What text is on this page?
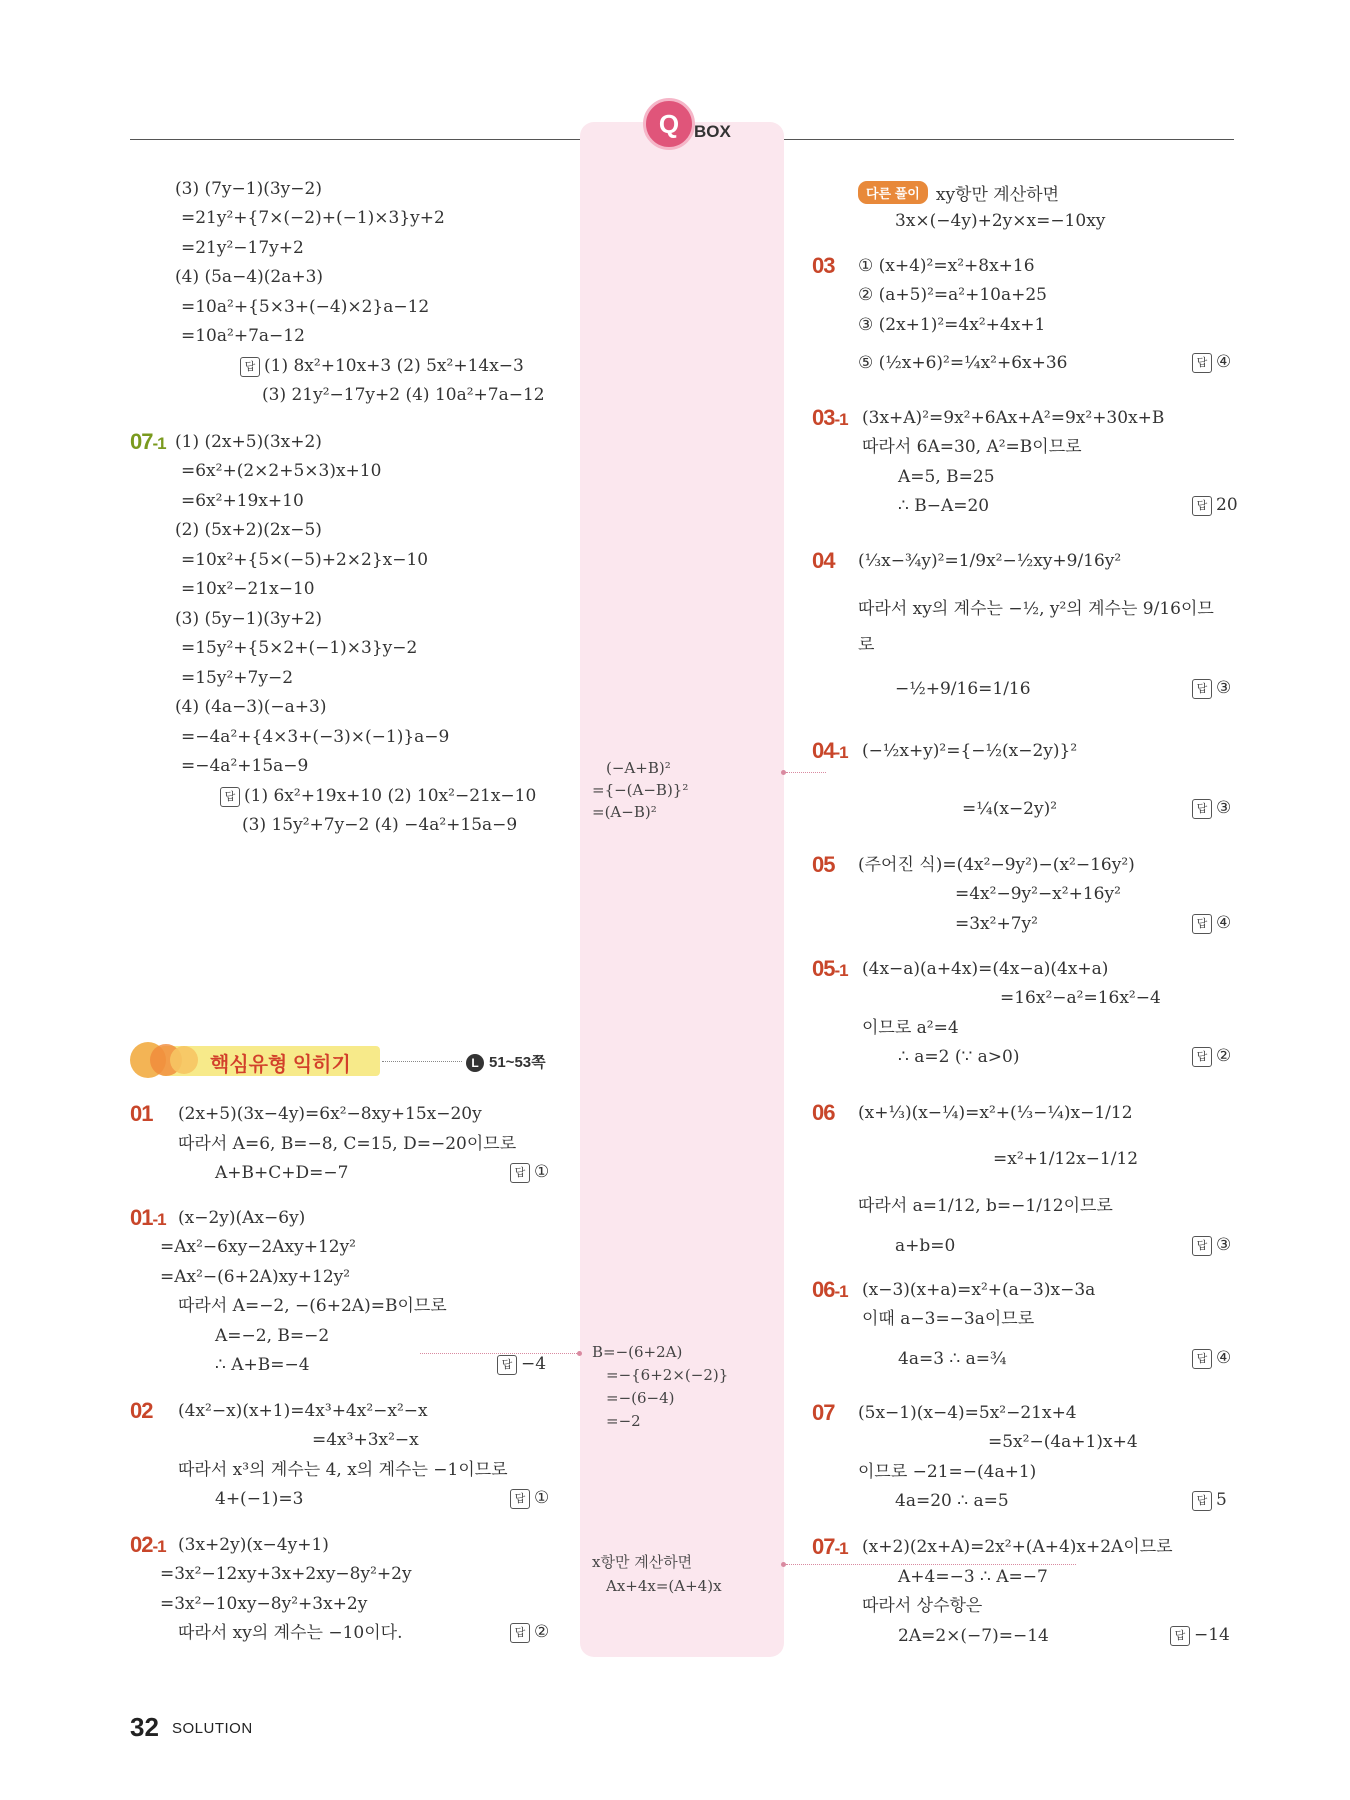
Q BOX
(3) (7y−1)(3y−2)
=21y²+{7×(−2)+(−1)×3}y+2
=21y²−17y+2
(4) (5a−4)(2a+3)
=10a²+{5×3+(−4)×2}a−12
=10a²+7a−12
답 (1) 8x²+10x+3 (2) 5x²+14x−3
(3) 21y²−17y+2 (4) 10a²+7a−12
07-1 (1) (2x+5)(3x+2)
=6x²+(2×2+5×3)x+10
=6x²+19x+10
(2) (5x+2)(2x−5)
=10x²+{5×(−5)+2×2}x−10
=10x²−21x−10
(3) (5y−1)(3y+2)
=15y²+{5×2+(−1)×3}y−2
=15y²+7y−2
(4) (4a−3)(−a+3)
=−4a²+{4×3+(−3)×(−1)}a−9
=−4a²+15a−9
답 (1) 6x²+19x+10 (2) 10x²−21x−10
(3) 15y²+7y−2 (4) −4a²+15a−9
핵심유형 익히기	L 51~53쪽
01 (2x+5)(3x−4y)=6x²−8xy+15x−20y
따라서 A=6, B=−8, C=15, D=−20이므로
A+B+C+D=−7	답 ①
01-1 (x−2y)(Ax−6y)
=Ax²−6xy−2Axy+12y²
=Ax²−(6+2A)xy+12y²
따라서 A=−2, −(6+2A)=B이므로
A=−2, B=−2
∴ A+B=−4	답 −4
02 (4x²−x)(x+1)=4x³+4x²−x²−x
=4x³+3x²−x
따라서 x³의 계수는 4, x의 계수는 −1이므로
4+(−1)=3	답 ①
02-1 (3x+2y)(x−4y+1)
=3x²−12xy+3x+2xy−8y²+2y
=3x²−10xy−8y²+3x+2y
따라서 xy의 계수는 −10이다.	답 ②
(−A+B)²
={−(A−B)}²
=(A−B)²
B=−(6+2A)
=−{6+2×(−2)}
=−(6−4)
=−2
x항만 계산하면
Ax+4x=(A+4)x
다른 풀이 xy항만 계산하면
3x×(−4y)+2y×x=−10xy
03 ① (x+4)²=x²+8x+16
② (a+5)²=a²+10a+25
③ (2x+1)²=4x²+4x+1
⑤ (½x+6)²=¼x²+6x+36	답 ④
03-1 (3x+A)²=9x²+6Ax+A²=9x²+30x+B
따라서 6A=30, A²=B이므로
A=5, B=25
∴ B−A=20	답 20
04 (⅓x−¾y)²=1/9x²−½xy+9/16y²
따라서 xy의 계수는 −½, y²의 계수는 9/16이므
로
−½+9/16=1/16	답 ③
04-1 (−½x+y)²={−½(x−2y)}²
=¼(x−2y)²	답 ③
05 (주어진 식)=(4x²−9y²)−(x²−16y²)
=4x²−9y²−x²+16y²
=3x²+7y²	답 ④
05-1 (4x−a)(a+4x)=(4x−a)(4x+a)
=16x²−a²=16x²−4
이므로 a²=4
∴ a=2 (∵ a>0)	답 ②
06 (x+⅓)(x−¼)=x²+(⅓−¼)x−1/12
=x²+1/12x−1/12
따라서 a=1/12, b=−1/12이므로
a+b=0	답 ③
06-1 (x−3)(x+a)=x²+(a−3)x−3a
이때 a−3=−3a이므로
4a=3 ∴ a=¾	답 ④
07 (5x−1)(x−4)=5x²−21x+4
=5x²−(4a+1)x+4
이므로 −21=−(4a+1)
4a=20 ∴ a=5	답 5
07-1 (x+2)(2x+A)=2x²+(A+4)x+2A이므로
A+4=−3 ∴ A=−7
따라서 상수항은
2A=2×(−7)=−14	답 −14
32 SOLUTION
